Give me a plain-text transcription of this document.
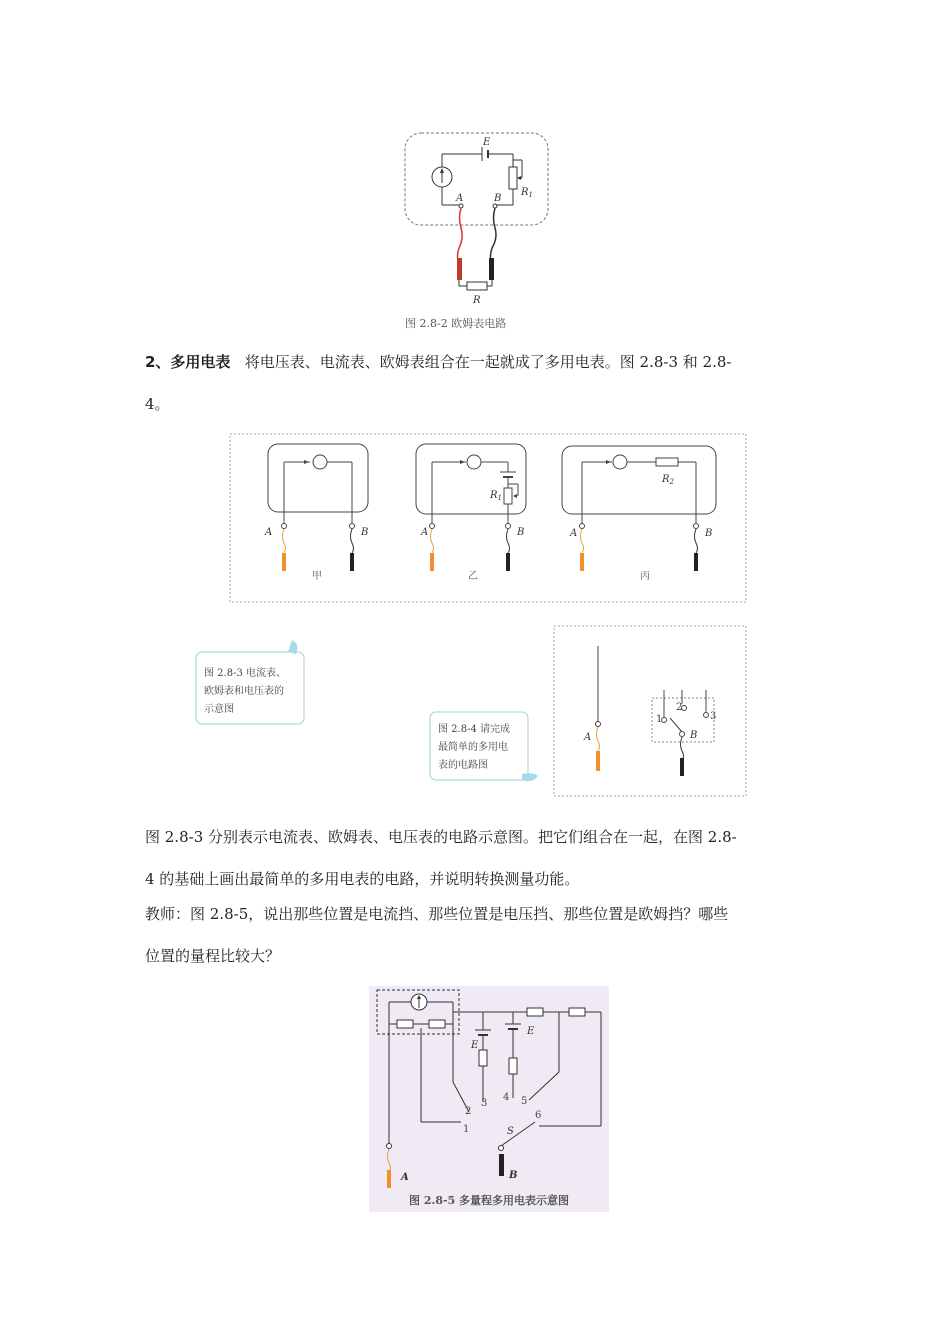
E
A
$R_1$
B
R
图 2.8-2 欧姆表电路
2、多用电表 将电压表、电流表、欧姆表组合在一起就成了多用电表。图 2.8-3 和 2.8-
4。
A	B
甲
$R_1$
A	B
乙
$R_2$
A	B
丙
图 2.8-3 电流表、
欧姆表和电压表的
示意图
图 2.8-4 请完成
最简单的多用电
表的电路图
A
1
2
3
B
图 2.8-3 分别表示电流表、欧姆表、电压表的电路示意图。把它们组合在一起，在图 2.8-
4 的基础上画出最简单的多用电表的电路，并说明转换测量功能。
教师：图 2.8-5，说出那些位置是电流挡、那些位置是电压挡、那些位置是欧姆挡？哪些
位置的量程比较大？
A
E
E
1
2
3
4 5
6
S
B
图 2.8-5 多量程多用电表示意图
